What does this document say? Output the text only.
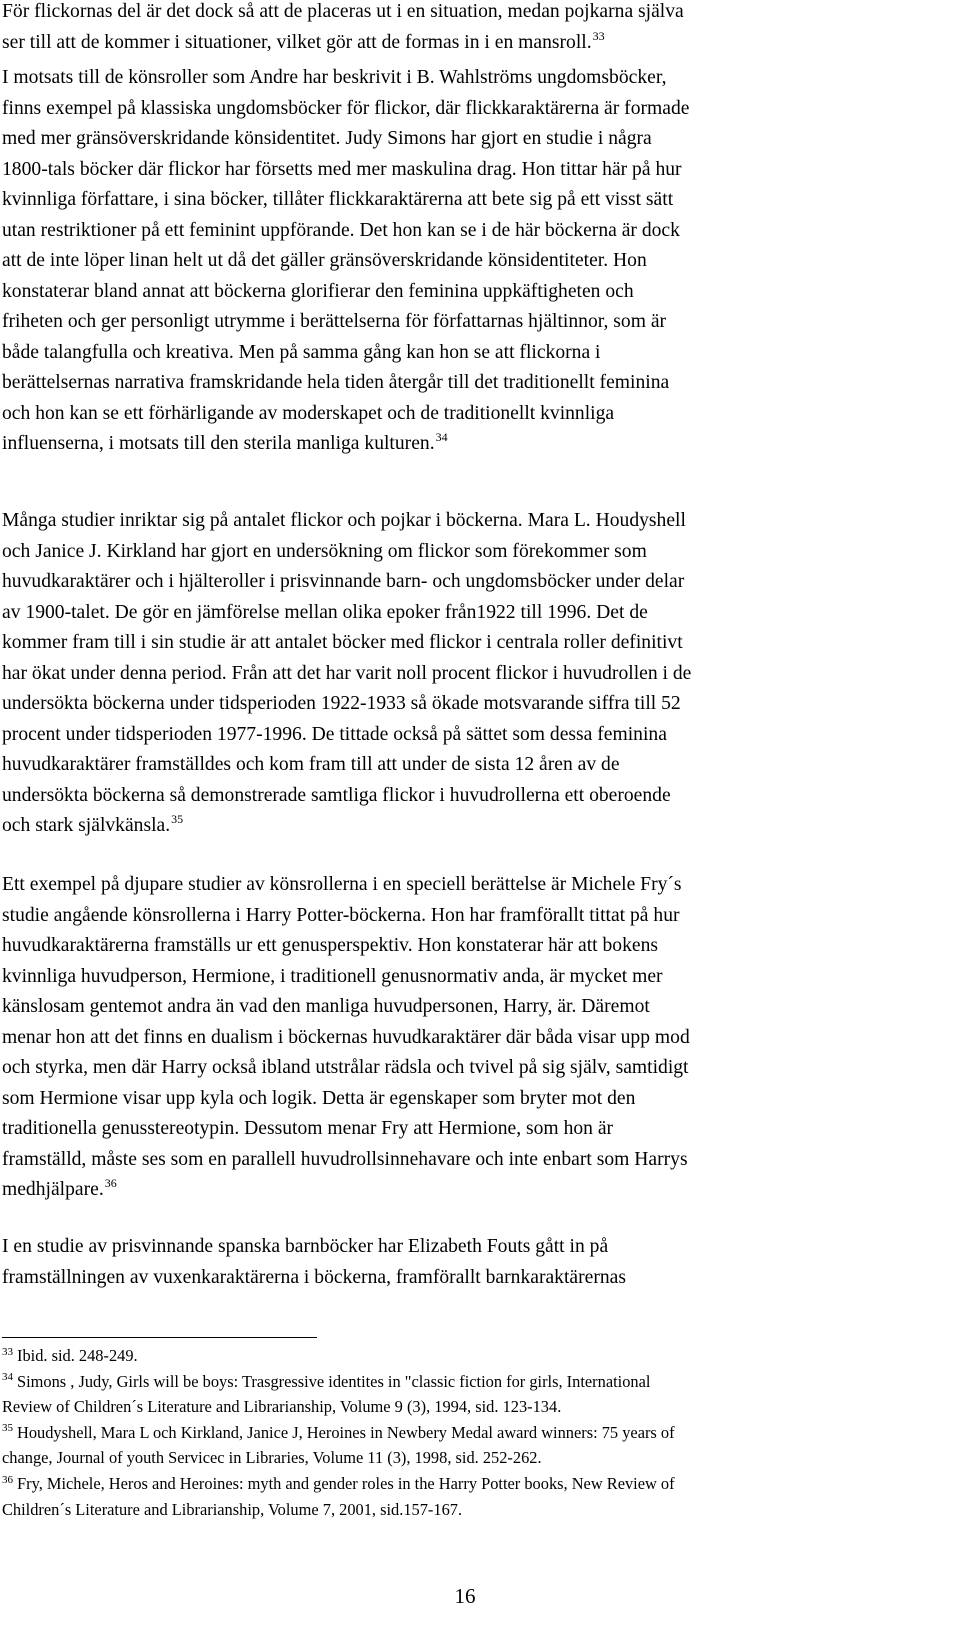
För flickornas del är det dock så att de placeras ut i en situation, medan pojkarna själva

ser till att de kommer i situationer, vilket gör att de formas in i en mansroll.$^{33}$

I motsats till de könsroller som Andre har beskrivit i B. Wahlströms ungdomsböcker,

finns exempel på klassiska ungdomsböcker för flickor, där flickkaraktärerna är formade

med mer gränsöverskridande könsidentitet. Judy Simons har gjort en studie i några

1800-tals böcker där flickor har försetts med mer maskulina drag. Hon tittar här på hur

kvinnliga författare, i sina böcker, tillåter flickkaraktärerna att bete sig på ett visst sätt

utan restriktioner på ett feminint uppförande. Det hon kan se i de här böckerna är dock

att de inte löper linan helt ut då det gäller gränsöverskridande könsidentiteter. Hon

konstaterar bland annat att böckerna glorifierar den feminina uppkäftigheten och

friheten och ger personligt utrymme i berättelserna för författarnas hjältinnor, som är

både talangfulla och kreativa. Men på samma gång kan hon se att flickorna i

berättelsernas narrativa framskridande hela tiden återgår till det traditionellt feminina

och hon kan se ett förhärligande av moderskapet och de traditionellt kvinnliga

influenserna, i motsats till den sterila manliga kulturen.$^{34}$

Många studier inriktar sig på antalet flickor och pojkar i böckerna. Mara L. Houdyshell

och Janice J. Kirkland har gjort en undersökning om flickor som förekommer som

huvudkaraktärer och i hjälteroller i prisvinnande barn- och ungdomsböcker under delar

av 1900-talet. De gör en jämförelse mellan olika epoker från1922 till 1996. Det de

kommer fram till i sin studie är att antalet böcker med flickor i centrala roller definitivt

har ökat under denna period. Från att det har varit noll procent flickor i huvudrollen i de

undersökta böckerna under tidsperioden 1922-1933 så ökade motsvarande siffra till 52

procent under tidsperioden 1977-1996. De tittade också på sättet som dessa feminina

huvudkaraktärer framställdes och kom fram till att under de sista 12 åren av de

undersökta böckerna så demonstrerade samtliga flickor i huvudrollerna ett oberoende

och stark självkänsla.$^{35}$

Ett exempel på djupare studier av könsrollerna i en speciell berättelse är Michele Fry´s

studie angående könsrollerna i Harry Potter-böckerna. Hon har framförallt tittat på hur

huvudkaraktärerna framställs ur ett genusperspektiv. Hon konstaterar här att bokens

kvinnliga huvudperson, Hermione, i traditionell genusnormativ anda, är mycket mer

känslosam gentemot andra än vad den manliga huvudpersonen, Harry, är. Däremot

menar hon att det finns en dualism i böckernas huvudkaraktärer där båda visar upp mod

och styrka, men där Harry också ibland utstrålar rädsla och tvivel på sig själv, samtidigt

som Hermione visar upp kyla och logik. Detta är egenskaper som bryter mot den

traditionella genusstereotypin. Dessutom menar Fry att Hermione, som hon är

framställd, måste ses som en parallell huvudrollsinnehavare och inte enbart som Harrys

medhjälpare.$^{36}$

I en studie av prisvinnande spanska barnböcker har Elizabeth Fouts gått in på

framställningen av vuxenkaraktärerna i böckerna, framförallt barnkaraktärernas

$^{33}$ Ibid. sid. 248-249.

$^{34}$ Simons , Judy, Girls will be boys: Trasgressive identites in "classic fiction for girls, International

Review of Children´s Literature and Librarianship, Volume 9 (3), 1994, sid. 123-134.

$^{35}$ Houdyshell, Mara L och Kirkland, Janice J, Heroines in Newbery Medal award winners: 75 years of

change, Journal of youth Servicec in Libraries, Volume 11 (3), 1998, sid. 252-262.

$^{36}$ Fry, Michele, Heros and Heroines: myth and gender roles in the Harry Potter books, New Review of

Children´s Literature and Librarianship, Volume 7, 2001, sid.157-167.

16
